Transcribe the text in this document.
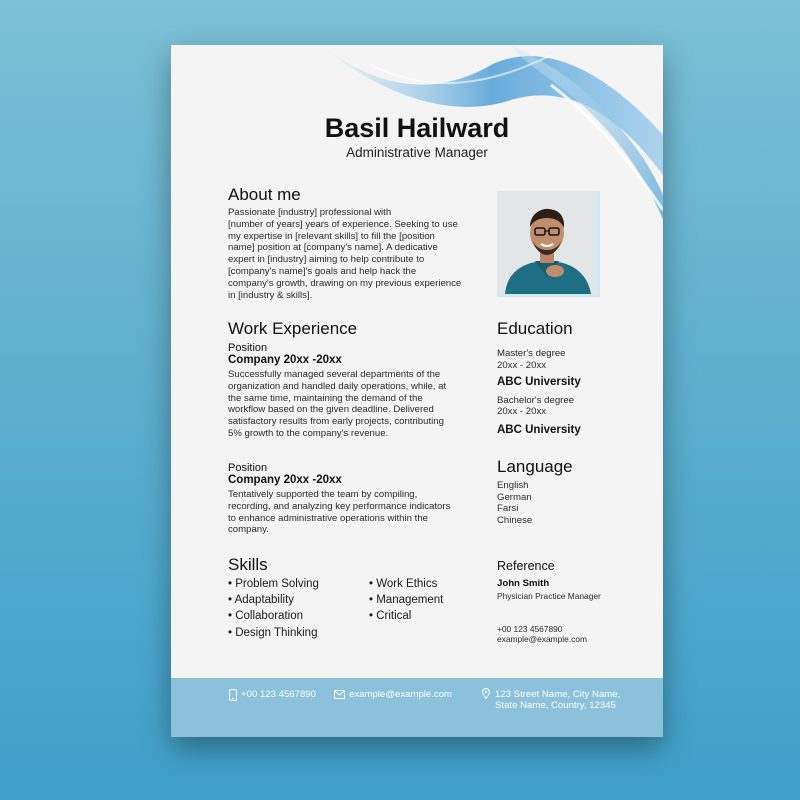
Basil Hailward
Administrative Manager
About me
Passionate [industry] professional with
[number of years] years of experience. Seeking to use
my expertise in [relevant skills] to fill the [position
name] position at [company's name]. A dedicative
expert in [industry] aiming to help contribute to
[company's name]'s goals and help hack the
company's growth, drawing on my previous experience
in [industry & skills].
Work Experience
Position
Company 20xx -20xx
Successfully managed several departments of the
organization and handled daily operations, while, at
the same time, maintaining the demand of the
workflow based on the given deadline. Delivered
satisfactory results from early projects, contributing
5% growth to the company's revenue.
Position
Company 20xx -20xx
Tentatively supported the team by compiling,
recording, and analyzing key performance indicators
to enhance administrative operations within the
company.
Skills
• Problem Solving
• Adaptability
• Collaboration
• Design Thinking
• Work Ethics
• Management
• Critical
Education
Master's degree
20xx - 20xx
ABC University
Bachelor's degree
20xx - 20xx
ABC University
Language
English
German
Farsi
Chinese
Reference
John Smith
Physician Practice Manager
+00 123 4567890
example@example.com
+00 123 4567890	example@example.com	123 Street Name, City Name,
State Name, Country, 12345
